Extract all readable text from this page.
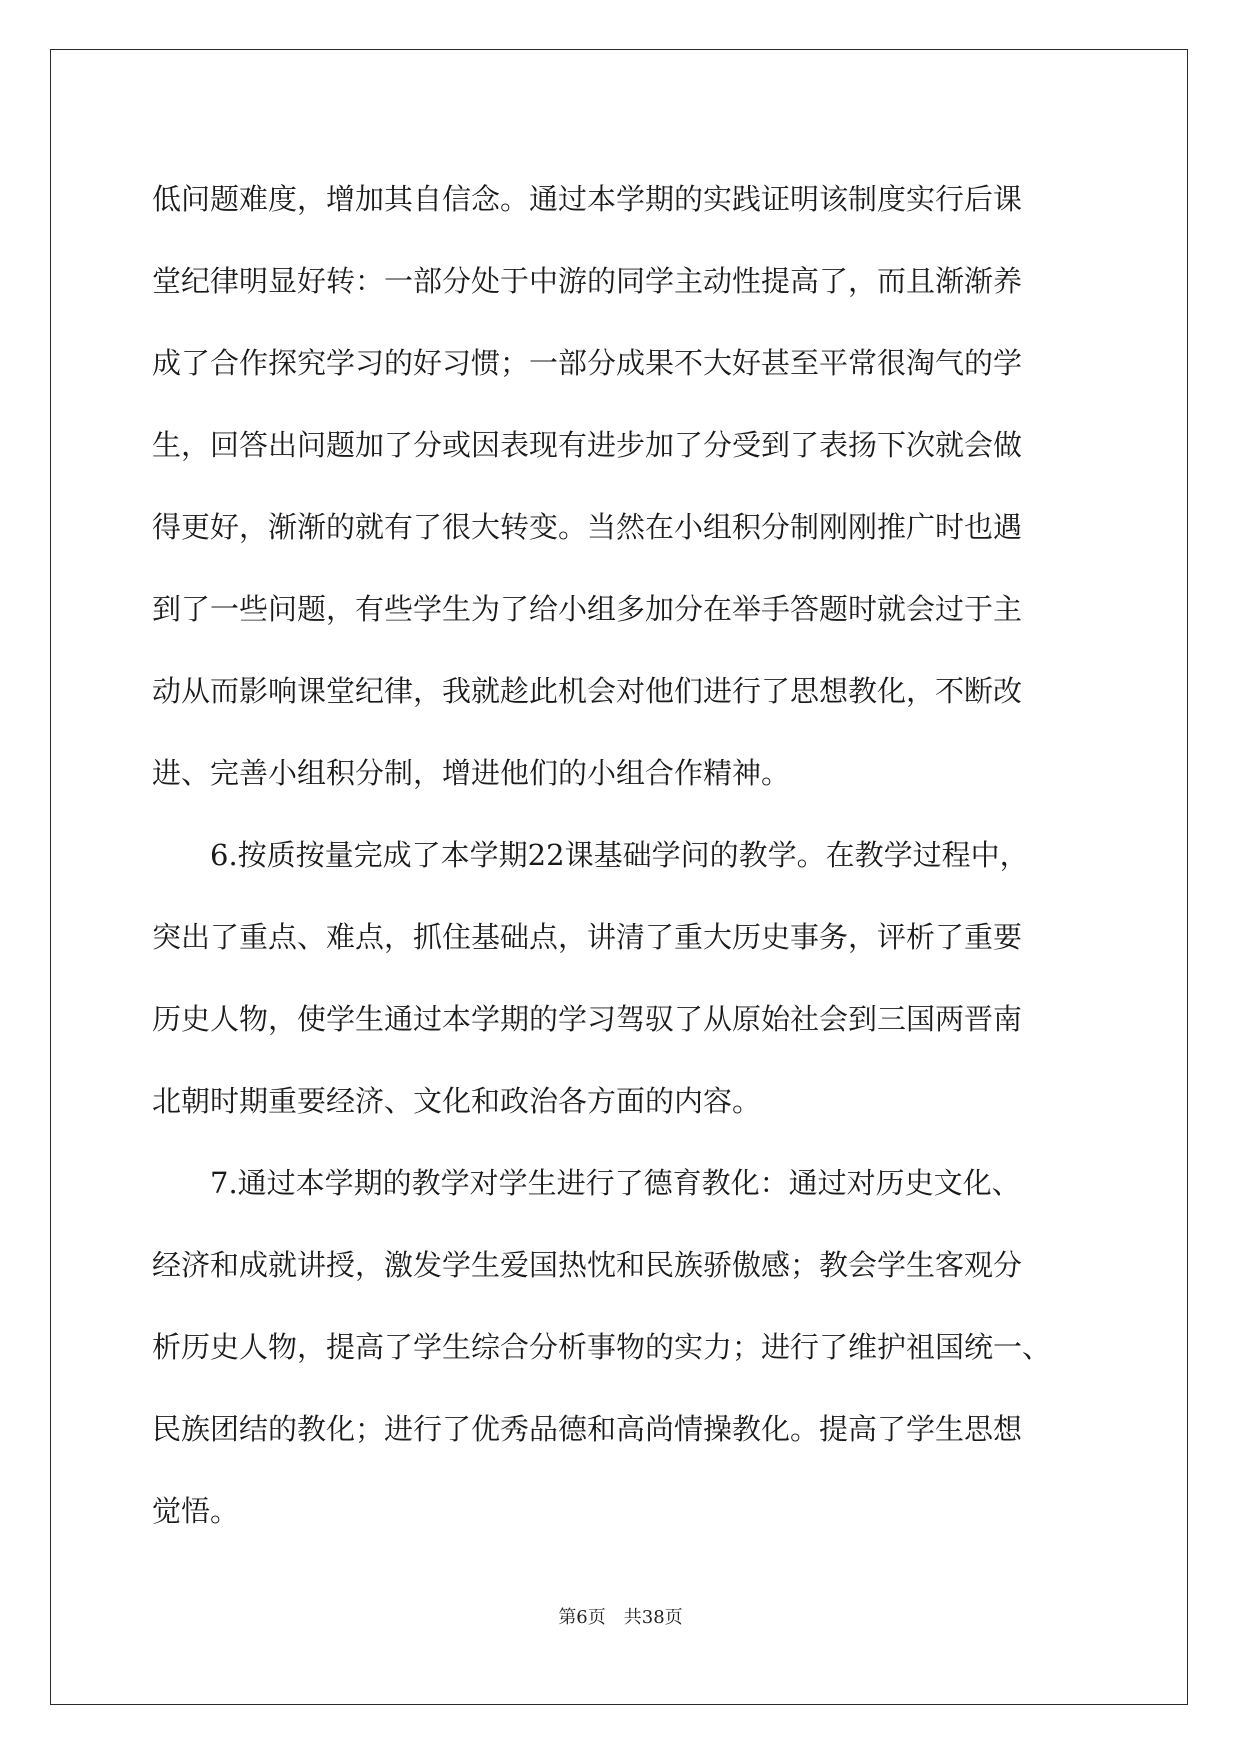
低问题难度，增加其自信念。通过本学期的实践证明该制度实行后课
堂纪律明显好转：一部分处于中游的同学主动性提高了，而且渐渐养
成了合作探究学习的好习惯；一部分成果不大好甚至平常很淘气的学
生，回答出问题加了分或因表现有进步加了分受到了表扬下次就会做
得更好，渐渐的就有了很大转变。当然在小组积分制刚刚推广时也遇
到了一些问题，有些学生为了给小组多加分在举手答题时就会过于主
动从而影响课堂纪律，我就趁此机会对他们进行了思想教化，不断改
进、完善小组积分制，增进他们的小组合作精神。
　　6.按质按量完成了本学期22课基础学问的教学。在教学过程中，
突出了重点、难点，抓住基础点，讲清了重大历史事务，评析了重要
历史人物，使学生通过本学期的学习驾驭了从原始社会到三国两晋南
北朝时期重要经济、文化和政治各方面的内容。
　　7.通过本学期的教学对学生进行了德育教化：通过对历史文化、
经济和成就讲授，激发学生爱国热忱和民族骄傲感；教会学生客观分
析历史人物，提高了学生综合分析事物的实力；进行了维护祖国统一、
民族团结的教化；进行了优秀品德和高尚情操教化。提高了学生思想
觉悟。
第6页　共38页
